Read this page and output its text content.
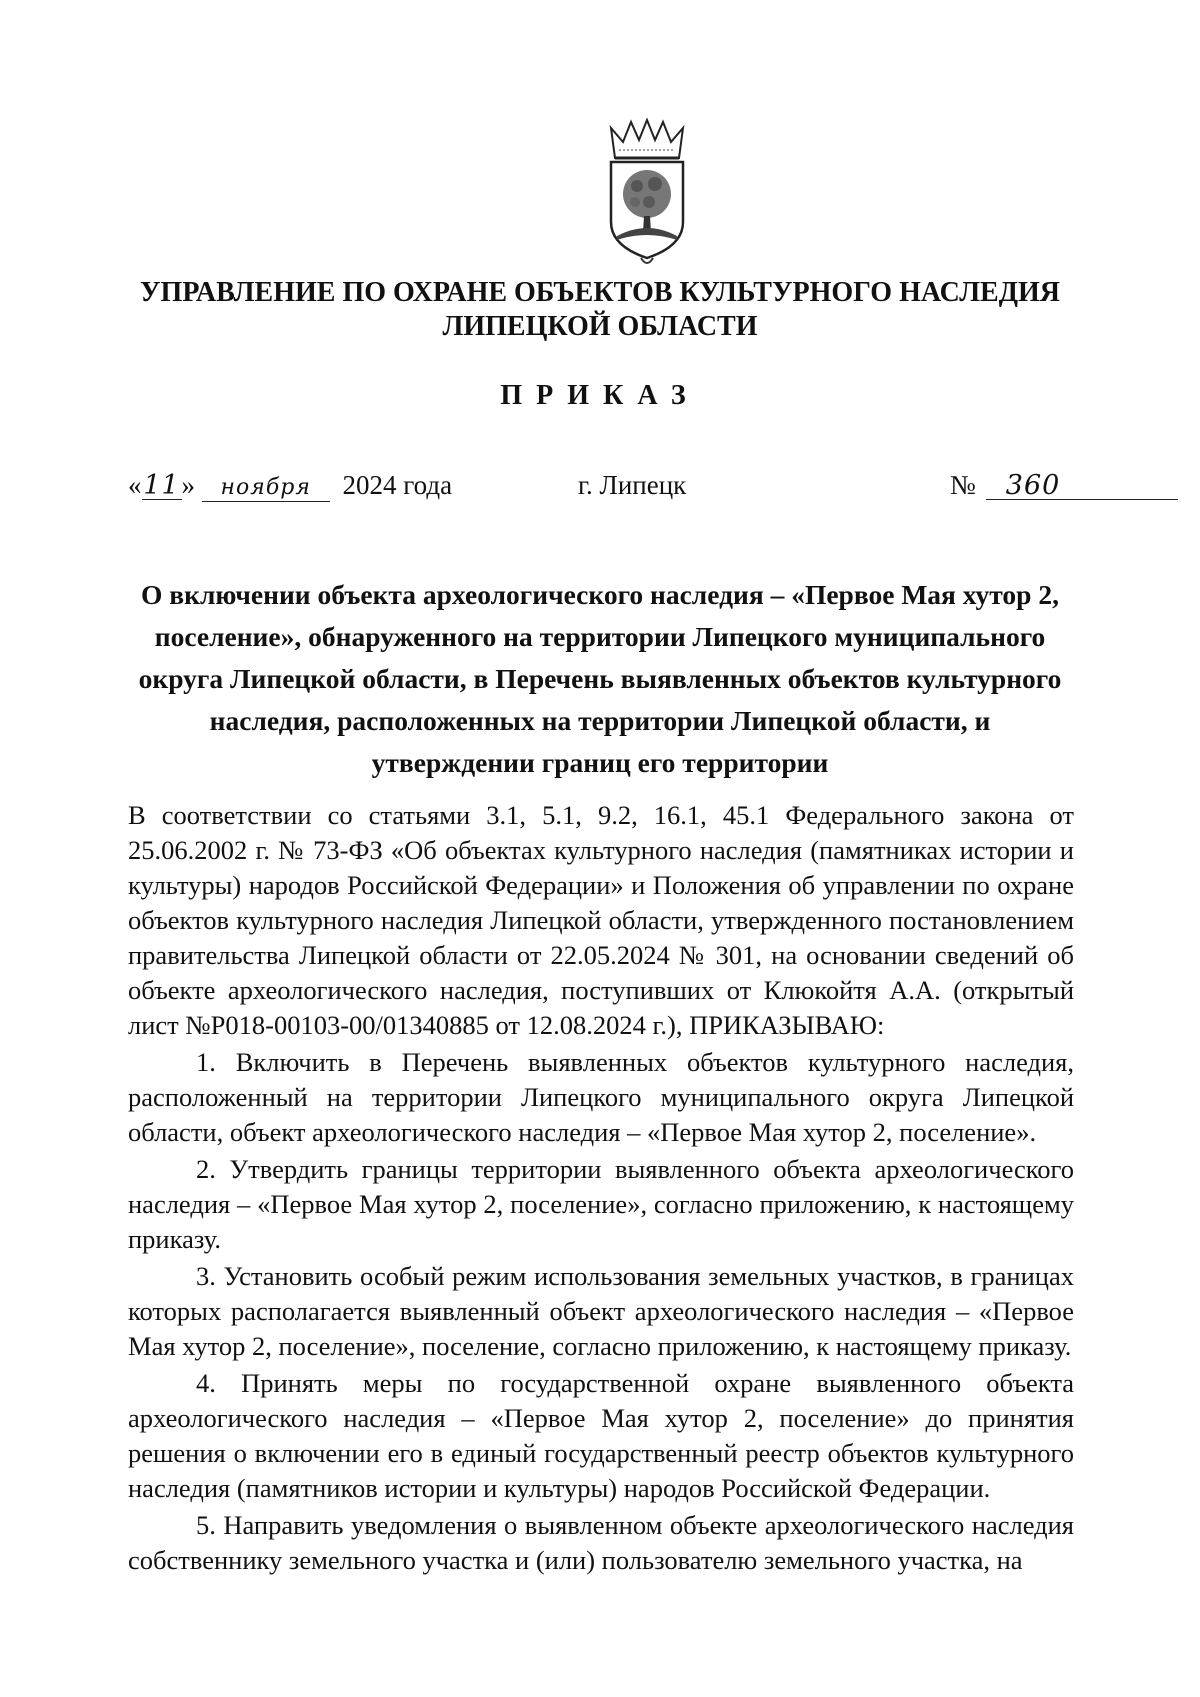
УПРАВЛЕНИЕ ПО ОХРАНЕ ОБЪЕКТОВ КУЛЬТУРНОГО НАСЛЕДИЯ
ЛИПЕЦКОЙ ОБЛАСТИ
ПРИКАЗ
«11» ноября 2024 года	г. Липецк	№ 360
О включении объекта археологического наследия – «Первое Мая хутор 2, поселение», обнаруженного на территории Липецкого муниципального округа Липецкой области, в Перечень выявленных объектов культурного наследия, расположенных на территории Липецкой области, и утверждении границ его территории

В соответствии со статьями 3.1, 5.1, 9.2, 16.1, 45.1 Федерального закона от 25.06.2002 г. № 73-ФЗ «Об объектах культурного наследия (памятниках истории и культуры) народов Российской Федерации» и Положения об управлении по охране объектов культурного наследия Липецкой области, утвержденного постановлением правительства Липецкой области от 22.05.2024 № 301, на основании сведений об объекте археологического наследия, поступивших от Клюкойтя А.А. (открытый лист №Р018-00103-00/01340885 от 12.08.2024 г.), ПРИКАЗЫВАЮ:

1. Включить в Перечень выявленных объектов культурного наследия, расположенный на территории Липецкого муниципального округа Липецкой области, объект археологического наследия – «Первое Мая хутор 2, поселение».

2. Утвердить границы территории выявленного объекта археологического наследия – «Первое Мая хутор 2, поселение», согласно приложению, к настоящему приказу.

3. Установить особый режим использования земельных участков, в границах которых располагается выявленный объект археологического наследия – «Первое Мая хутор 2, поселение», поселение, согласно приложению, к настоящему приказу.

4. Принять меры по государственной охране выявленного объекта археологического наследия – «Первое Мая хутор 2, поселение» до принятия решения о включении его в единый государственный реестр объектов культурного наследия (памятников истории и культуры) народов Российской Федерации.

5. Направить уведомления о выявленном объекте археологического наследия собственнику земельного участка и (или) пользователю земельного участка, на
